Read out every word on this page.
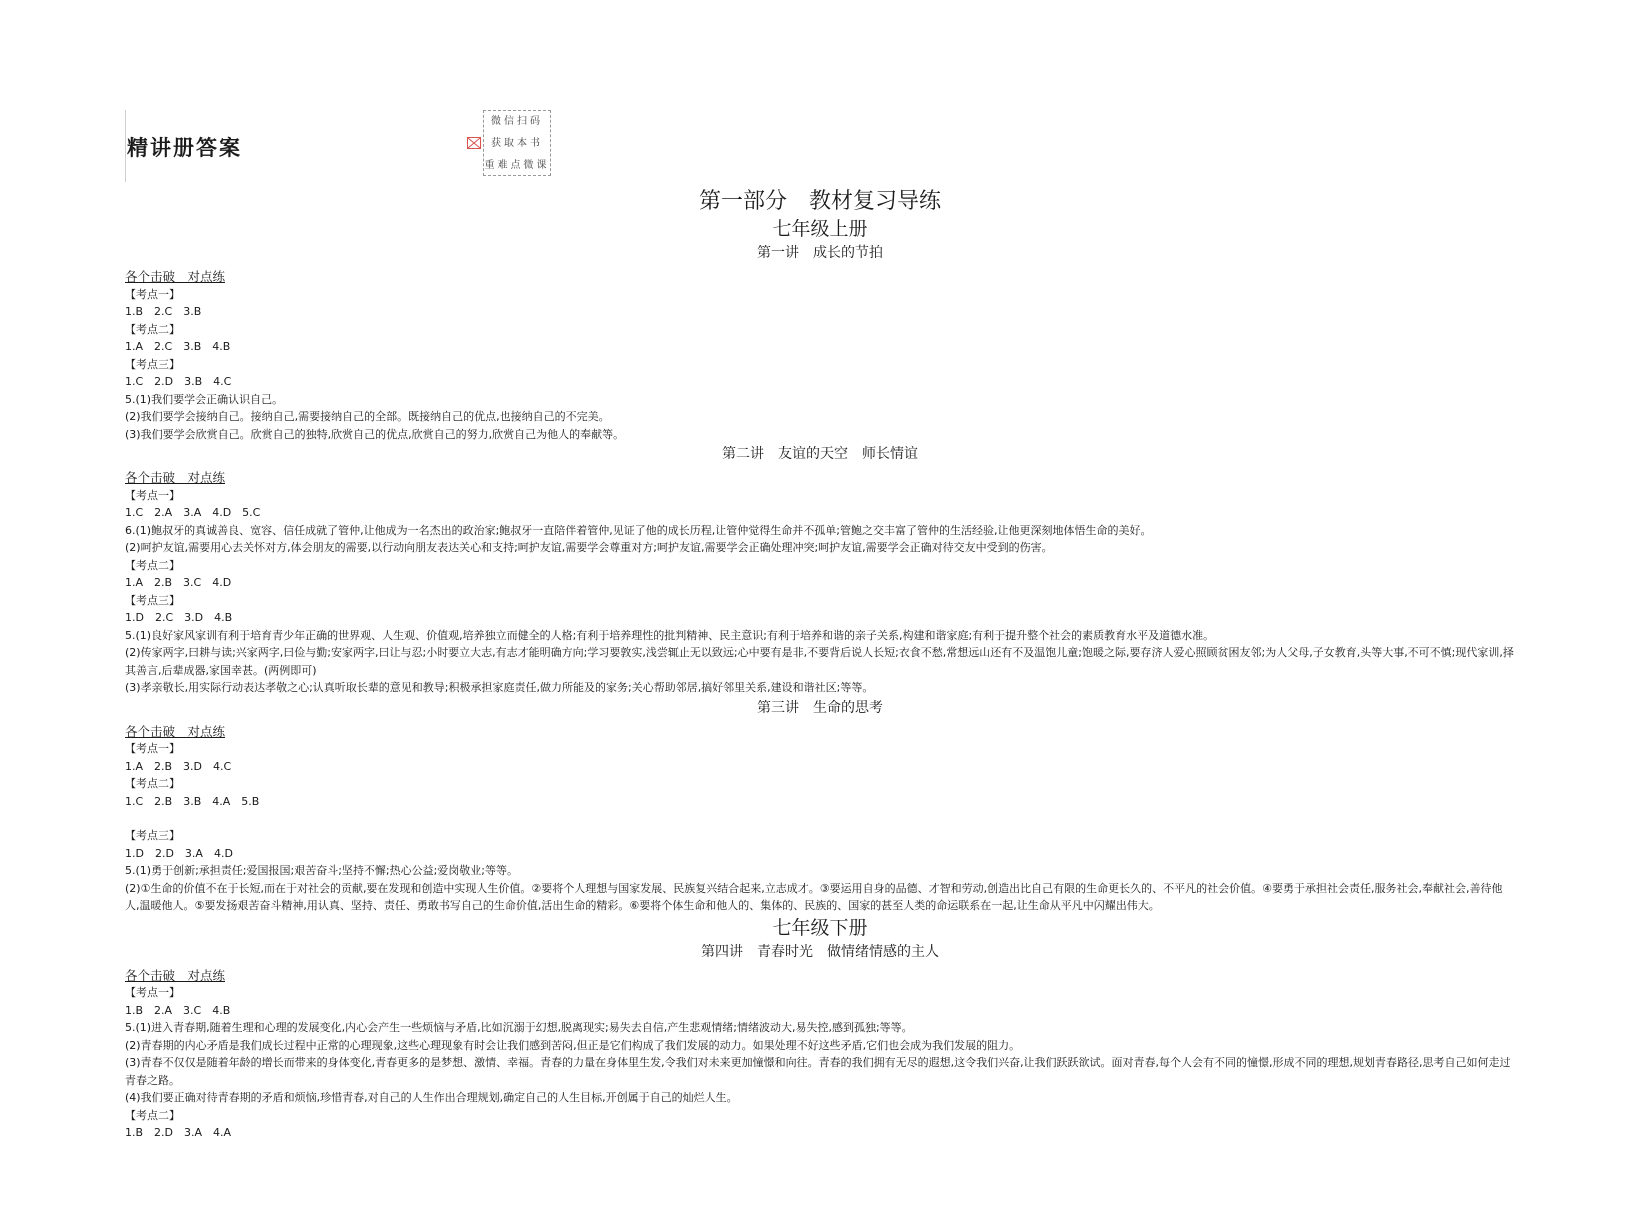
精讲册答案
微信扫码
获取本书
重难点微课
第一部分　教材复习导练
七年级上册
第一讲　成长的节拍
各个击破　对点练
【考点一】
1.B　2.C　3.B
【考点二】
1.A　2.C　3.B　4.B
【考点三】
1.C　2.D　3.B　4.C
5.(1)我们要学会正确认识自己。
(2)我们要学会接纳自己。接纳自己,需要接纳自己的全部。既接纳自己的优点,也接纳自己的不完美。
(3)我们要学会欣赏自己。欣赏自己的独特,欣赏自己的优点,欣赏自己的努力,欣赏自己为他人的奉献等。
第二讲　友谊的天空　师长情谊
各个击破　对点练
【考点一】
1.C　2.A　3.A　4.D　5.C
6.(1)鲍叔牙的真诚善良、宽容、信任成就了管仲,让他成为一名杰出的政治家;鲍叔牙一直陪伴着管仲,见证了他的成长历程,让管仲觉得生命并不孤单;管鲍之交丰富了管仲的生活经验,让他更深刻地体悟生命的美好。
(2)呵护友谊,需要用心去关怀对方,体会朋友的需要,以行动向朋友表达关心和支持;呵护友谊,需要学会尊重对方;呵护友谊,需要学会正确处理冲突;呵护友谊,需要学会正确对待交友中受到的伤害。
【考点二】
1.A　2.B　3.C　4.D
【考点三】
1.D　2.C　3.D　4.B
5.(1)良好家风家训有利于培育青少年正确的世界观、人生观、价值观,培养独立而健全的人格;有利于培养理性的批判精神、民主意识;有利于培养和谐的亲子关系,构建和谐家庭;有利于提升整个社会的素质教育水平及道德水准。
(2)传家两字,曰耕与读;兴家两字,曰俭与勤;安家两字,曰让与忍;小时要立大志,有志才能明确方向;学习要敦实,浅尝辄止无以致远;心中要有是非,不要背后说人长短;衣食不愁,常想远山还有不及温饱儿童;饱暖之际,要存济人爱心照顾贫困友邻;为人父母,子女教育,头等大事,不可不慎;现代家训,择其善言,后辈成器,家国幸甚。(两例即可)
(3)孝亲敬长,用实际行动表达孝敬之心;认真听取长辈的意见和教导;积极承担家庭责任,做力所能及的家务;关心帮助邻居,搞好邻里关系,建设和谐社区;等等。
第三讲　生命的思考
各个击破　对点练
【考点一】
1.A　2.B　3.D　4.C
【考点二】
1.C　2.B　3.B　4.A　5.B
【考点三】
1.D　2.D　3.A　4.D
5.(1)勇于创新;承担责任;爱国报国;艰苦奋斗;坚持不懈;热心公益;爱岗敬业;等等。
(2)①生命的价值不在于长短,而在于对社会的贡献,要在发现和创造中实现人生价值。②要将个人理想与国家发展、民族复兴结合起来,立志成才。③要运用自身的品德、才智和劳动,创造出比自己有限的生命更长久的、不平凡的社会价值。④要勇于承担社会责任,服务社会,奉献社会,善待他人,温暖他人。⑤要发扬艰苦奋斗精神,用认真、坚持、责任、勇敢书写自己的生命价值,活出生命的精彩。⑥要将个体生命和他人的、集体的、民族的、国家的甚至人类的命运联系在一起,让生命从平凡中闪耀出伟大。
七年级下册
第四讲　青春时光　做情绪情感的主人
各个击破　对点练
【考点一】
1.B　2.A　3.C　4.B
5.(1)进入青春期,随着生理和心理的发展变化,内心会产生一些烦恼与矛盾,比如沉溺于幻想,脱离现实;易失去自信,产生悲观情绪;情绪波动大,易失控,感到孤独;等等。
(2)青春期的内心矛盾是我们成长过程中正常的心理现象,这些心理现象有时会让我们感到苦闷,但正是它们构成了我们发展的动力。如果处理不好这些矛盾,它们也会成为我们发展的阻力。
(3)青春不仅仅是随着年龄的增长而带来的身体变化,青春更多的是梦想、激情、幸福。青春的力量在身体里生发,令我们对未来更加憧憬和向往。青春的我们拥有无尽的遐想,这令我们兴奋,让我们跃跃欲试。面对青春,每个人会有不同的憧憬,形成不同的理想,规划青春路径,思考自己如何走过青春之路。
(4)我们要正确对待青春期的矛盾和烦恼,珍惜青春,对自己的人生作出合理规划,确定自己的人生目标,开创属于自己的灿烂人生。
【考点二】
1.B　2.D　3.A　4.A
